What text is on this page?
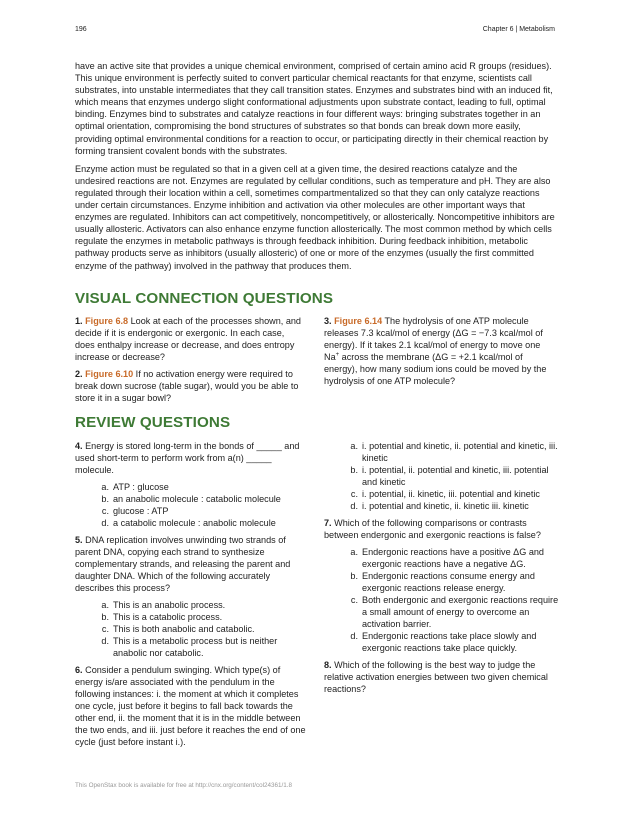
196	Chapter 6 | Metabolism

have an active site that provides a unique chemical environment, comprised of certain amino acid R groups (residues). This unique environment is perfectly suited to convert particular chemical reactants for that enzyme, scientists call substrates, into unstable intermediates that they call transition states. Enzymes and substrates bind with an induced fit, which means that enzymes undergo slight conformational adjustments upon substrate contact, leading to full, optimal binding. Enzymes bind to substrates and catalyze reactions in four different ways: bringing substrates together in an optimal orientation, compromising the bond structures of substrates so that bonds can break down more easily, providing optimal environmental conditions for a reaction to occur, or participating directly in their chemical reaction by forming transient covalent bonds with the substrates.

Enzyme action must be regulated so that in a given cell at a given time, the desired reactions catalyze and the undesired reactions are not. Enzymes are regulated by cellular conditions, such as temperature and pH. They are also regulated through their location within a cell, sometimes compartmentalized so that they can only catalyze reactions under certain circumstances. Enzyme inhibition and activation via other molecules are other important ways that enzymes are regulated. Inhibitors can act competitively, noncompetitively, or allosterically. Noncompetitive inhibitors are usually allosteric. Activators can also enhance enzyme function allosterically. The most common method by which cells regulate the enzymes in metabolic pathways is through feedback inhibition. During feedback inhibition, metabolic pathway products serve as inhibitors (usually allosteric) of one or more of the enzymes (usually the first committed enzyme of the pathway) involved in the pathway that produces them.

VISUAL CONNECTION QUESTIONS

1. Figure 6.8 Look at each of the processes shown, and decide if it is endergonic or exergonic. In each case, does enthalpy increase or decrease, and does entropy increase or decrease?

2. Figure 6.10 If no activation energy were required to break down sucrose (table sugar), would you be able to store it in a sugar bowl?

3. Figure 6.14 The hydrolysis of one ATP molecule releases 7.3 kcal/mol of energy (ΔG = −7.3 kcal/mol of energy). If it takes 2.1 kcal/mol of energy to move one Na+ across the membrane (ΔG = +2.1 kcal/mol of energy), how many sodium ions could be moved by the hydrolysis of one ATP molecule?

REVIEW QUESTIONS

4. Energy is stored long-term in the bonds of _____ and used short-term to perform work from a(n) _____ molecule.

a. ATP : glucose
b. an anabolic molecule : catabolic molecule
c. glucose : ATP
d. a catabolic molecule : anabolic molecule

5. DNA replication involves unwinding two strands of parent DNA, copying each strand to synthesize complementary strands, and releasing the parent and daughter DNA. Which of the following accurately describes this process?

a. This is an anabolic process.
b. This is a catabolic process.
c. This is both anabolic and catabolic.
d. This is a metabolic process but is neither anabolic nor catabolic.

6. Consider a pendulum swinging. Which type(s) of energy is/are associated with the pendulum in the following instances: i. the moment at which it completes one cycle, just before it begins to fall back towards the other end, ii. the moment that it is in the middle between the two ends, and iii. just before it reaches the end of one cycle (just before instant i.).

a. i. potential and kinetic, ii. potential and kinetic, iii. kinetic
b. i. potential, ii. potential and kinetic, iii. potential and kinetic
c. i. potential, ii. kinetic, iii. potential and kinetic
d. i. potential and kinetic, ii. kinetic iii. kinetic

7. Which of the following comparisons or contrasts between endergonic and exergonic reactions is false?

a. Endergonic reactions have a positive ΔG and exergonic reactions have a negative ΔG.
b. Endergonic reactions consume energy and exergonic reactions release energy.
c. Both endergonic and exergonic reactions require a small amount of energy to overcome an activation barrier.
d. Endergonic reactions take place slowly and exergonic reactions take place quickly.

8. Which of the following is the best way to judge the relative activation energies between two given chemical reactions?

This OpenStax book is available for free at http://cnx.org/content/col24361/1.8
